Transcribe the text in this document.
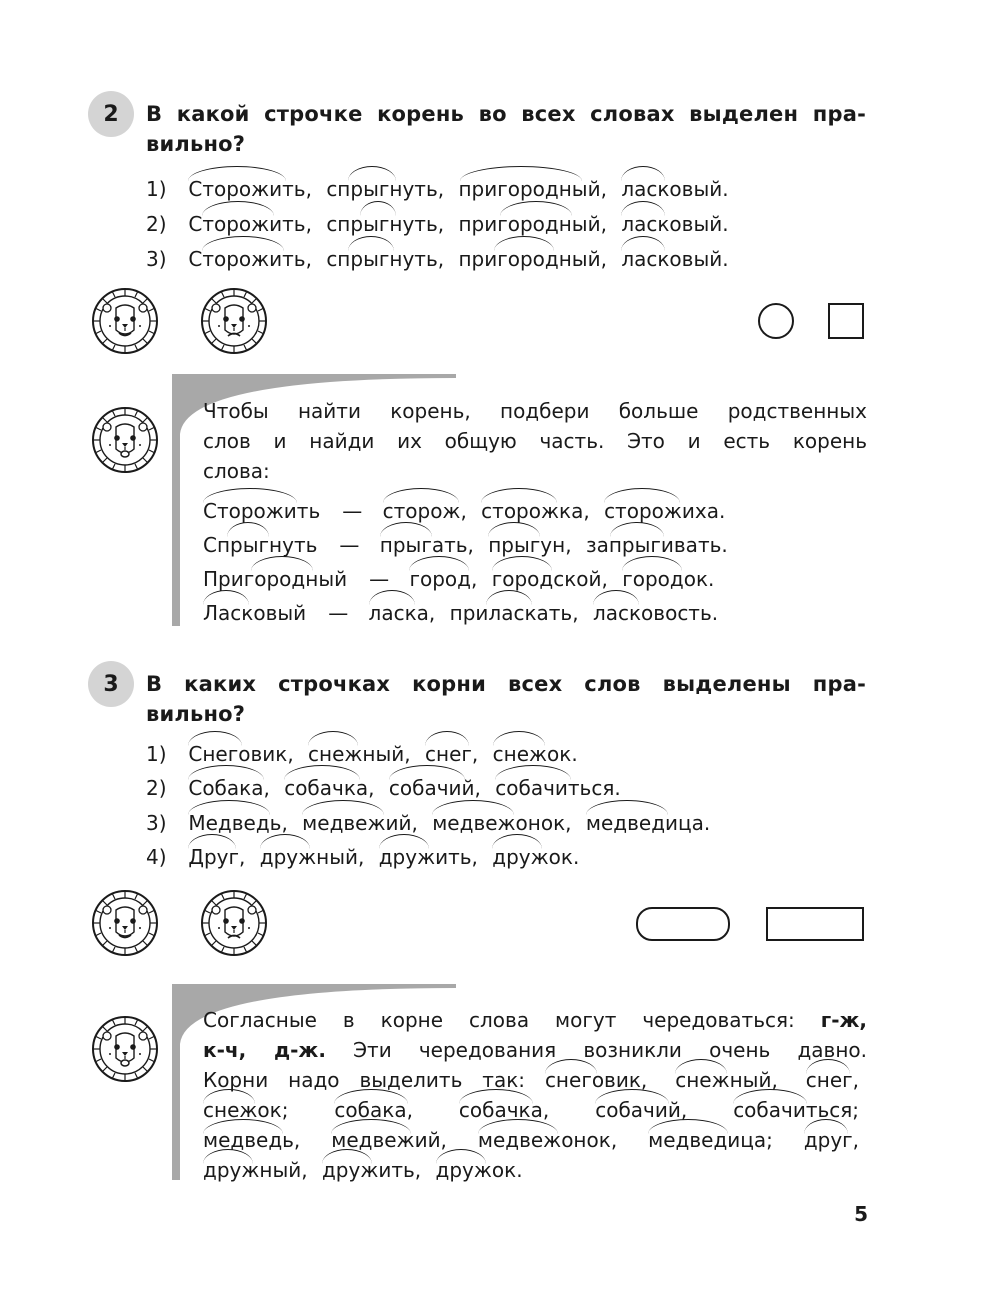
2	В какой строчке корень во всех словах выделен пра-
вильно?
1) Сторожить, спрыгнуть, пригородный, ласковый.
2) Сторожить, спрыгнуть, пригородный, ласковый.
3) Сторожить, спрыгнуть, пригородный, ласковый.
Чтобы найти корень, подбери больше родственных
слов и найди их общую часть. Это и есть корень
слова:
Сторожить — сторож, сторожка, сторожиха.
Спрыгнуть — прыгать, прыгун, запрыгивать.
Пригородный — город, городской, городок.
Ласковый — ласка, приласкать, ласковость.
3	В каких строчках корни всех слов выделены пра-
вильно?
1) Снеговик, снежный, снег, снежок.
2) Собака, собачка, собачий, собачиться.
3) Медведь, медвежий, медвежонок, медведица.
4) Друг, дружный, дружить, дружок.
Согласные в корне слова могут чередоваться: г-ж,
к-ч, д-ж. Эти чередования возникли очень давно.
Корни надо выделить так: снеговик, снежный, снег,
снежок; собака, собачка, собачий, собачиться;
медведь, медвежий, медвежонок, медведица; друг,
дружный, дружить, дружок.
5
